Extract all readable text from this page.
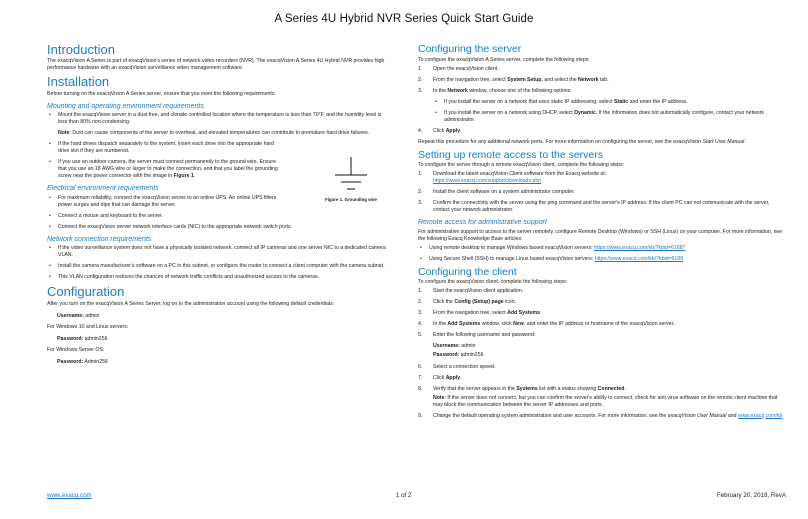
A Series 4U Hybrid NVR Series Quick Start Guide
Introduction

The exacqVision A Series is part of exacqVision's series of network video recorders (NVR). The exacqVision A Series 4U Hybrid NVR provides high performance hardware with an exacqVision surveillance video management software.

Installation

Before turning on the exacqVision A Series server, ensure that you meet the following requirements.

Mounting and operating environment requirements
• Mount the exacqVision server in a dust free, and climate controlled location where the temperature is less than 70°F, and the humidity level is less than 80% non-condensing.

Note: Dust can cause components of the server to overheat, and elevated temperatures can contribute to premature hard drive failures.

• If the hard drives dispatch separately to the system, insert each drive into the appropriate hard drive slot if they are numbered.
• If you use an outdoor camera, the server must connect permanently to the ground wire. Ensure that you use an 18 AWG wire or larger to make the connection, and that you label the grounding screw near the power connector with the image in Figure 1.
Electrical environment requirements
• For maximum reliability, connect the exacqVision server to an online UPS. An online UPS filters power surges and dips that can damage the server.
• Connect a mouse and keyboard to the server.
• Connect the exacqVision server network interface cards (NIC) to the appropriate network switch ports.
Network connection requirements
• If the video surveillance system does not have a physically isolated network, connect all IP cameras and one server NIC to a dedicated camera VLAN.
• Install the camera manufacturer's software on a PC in this subnet, or configure the router to connect a client computer with the camera subnet.
• This VLAN configuration reduces the chances of network traffic conflicts and unauthorized access to the cameras.
Configuration

After you turn on the exacqVision A Series Server, log on to the administration account using the following default credentials:

Username: admin

For Windows 10 and Linux servers:

Password: admin256

For Windows Server OS:

Password: Admin256

Figure 1. Grounding wire
Configuring the server

To configure the exacqVision A Series server, complete the following steps:

1. Open the exacqVision client.
2. From the navigation tree, select System Setup, and select the Network tab.
3. In the Network window, choose one of the following options:
• If you install the server on a network that uses static IP addressing, select Static and enter the IP address.
• If you install the server on a network using DHCP, select Dynamic. If the information does not automatically configure, contact your network administrator.
4. Click Apply.

Repeat this procedure for any additional network ports. For more information on configuring the server, see the exacqVision Start User Manual.

Setting up remote access to the servers

To configure the server through a remote exacqVision client, complete the following steps:

1. Download the latest exacqVision Client software from the Exacq website at:
https://www.exacq.com/support/downloads.php
2. Install the client software on a system administrator computer.
3. Confirm the connectivity with the server using the ping command and the server's IP address. If the client PC can not communicate with the server, contact your network administrator.
Remote access for administrative support

For administrative support to access to the server remotely, configure Remote Desktop (Windows) or SSH (Linux) on your computer. For more information, see the following Exacq Knowledge Base articles:

• Using remote desktop to manage Windows based exacqVision servers: https://www.exacq.com/kb/?kbid=61687
• Using Secure Shell (SSH) to manage Linux based exacqVision servers: https://www.exacq.com/kb/?kbid=6188
Configuring the client

To configure the exacqVision client, complete the following steps:

1. Start the exacqVision client application.
2. Click the Config (Setup) page icon.
3. From the navigation tree, select Add Systems.
4. In the Add Systems window, click New, and enter the IP address or hostname of the exacqVision server.
5. Enter the following username and password:

Username: admin

Password: admin256

6. Select a connection speed.
7. Click Apply.
8. Verify that the server appears in the Systems list with a status showing Connected.
Note: If the server does not connect, but you can confirm the server's ability to connect, check for anti virus software on the remote client machine that may block the communication between the server IP addresses and ports.
9. Change the default operating system administration and user accounts. For more information, see the exacqVision User Manual and www.exacq.com/kb
www.exacq.com	1 of 2	February 20, 2018, RevA
